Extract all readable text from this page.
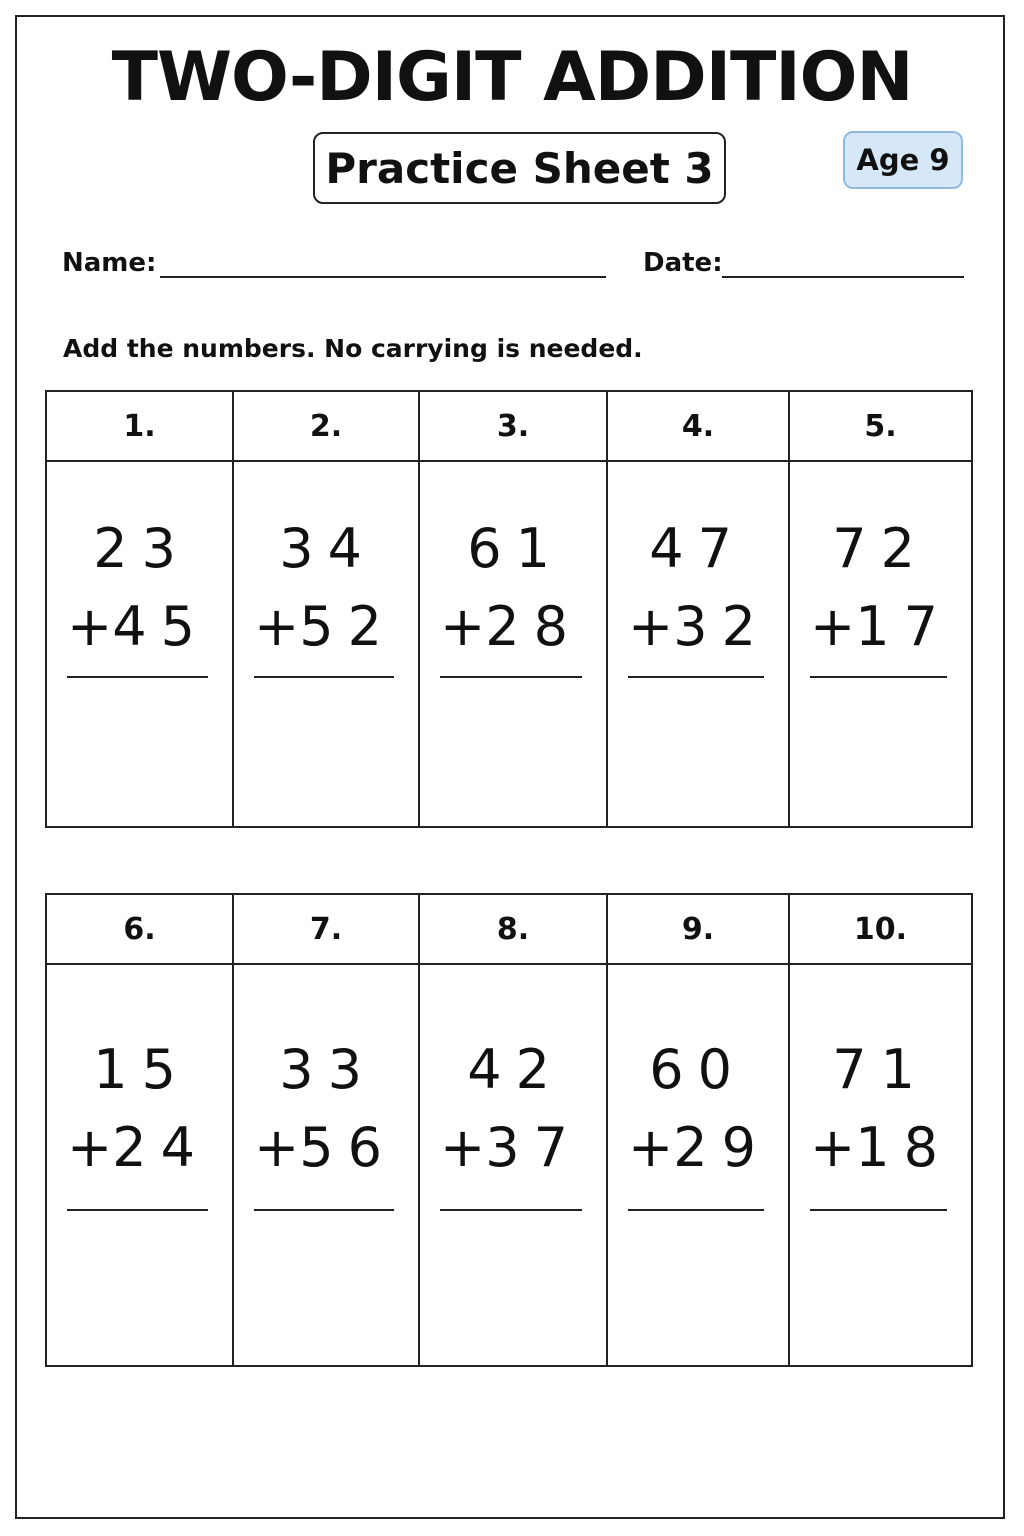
TWO-DIGIT ADDITION
Practice Sheet 3	Age 9
Name:	Date:
Add the numbers. No carrying is needed.
1.
23
+ 45
2.
34
+ 52
3.
61
+ 28
4.
47
+ 32
5.
72
+ 17
6.
15
+ 24
7.
33
+ 56
8.
42
+ 37
9.
60
+ 29
10.
71
+ 18
